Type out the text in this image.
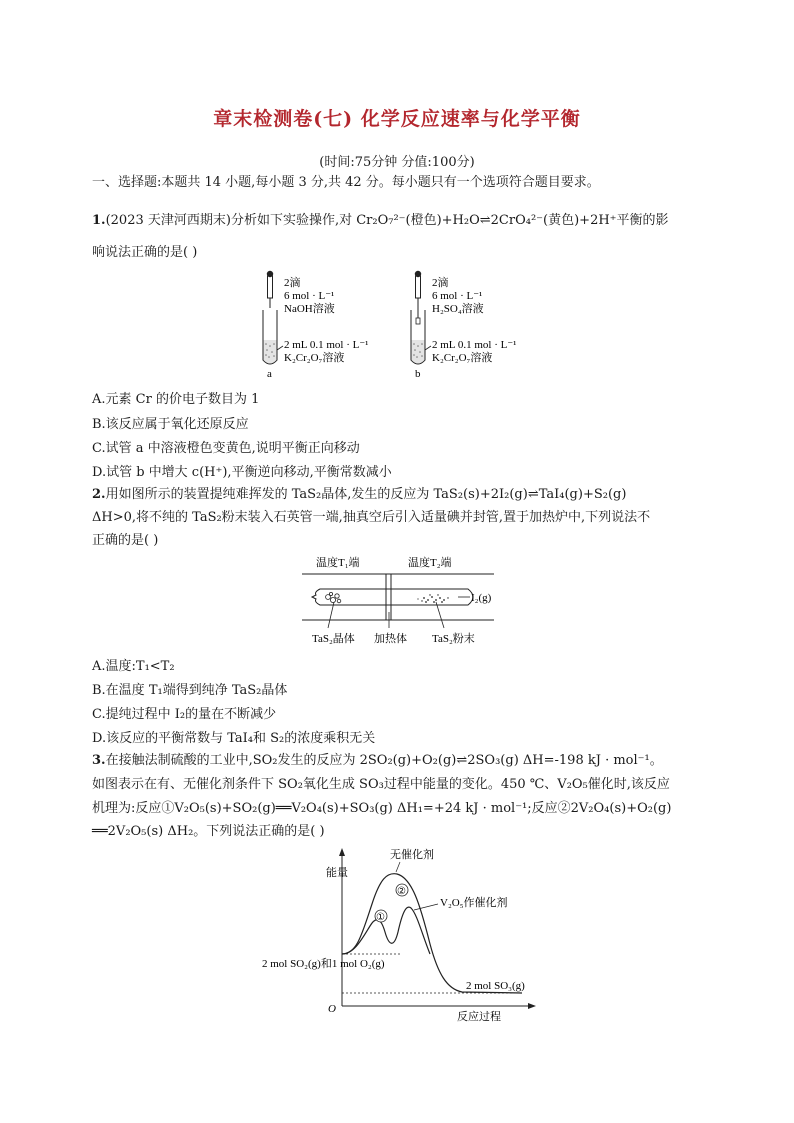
章末检测卷(七) 化学反应速率与化学平衡
(时间:75分钟 分值:100分)
一、选择题:本题共 14 小题,每小题 3 分,共 42 分。每小题只有一个选项符合题目要求。
1.(2023 天津河西期末)分析如下实验操作,对 Cr₂O₇²⁻(橙色)+H₂O⇌2CrO₄²⁻(黄色)+2H⁺平衡的影
响说法正确的是( )
2滴
6 mol · L⁻¹
NaOH溶液
2 mL 0.1 mol · L⁻¹
K₂Cr₂O₇溶液
2滴
6 mol · L⁻¹
H₂SO₄溶液
2 mL 0.1 mol · L⁻¹
K₂Cr₂O₇溶液
a	b
A.元素 Cr 的价电子数目为 1
B.该反应属于氧化还原反应
C.试管 a 中溶液橙色变黄色,说明平衡正向移动
D.试管 b 中增大 c(H⁺),平衡逆向移动,平衡常数减小
2.用如图所示的装置提纯难挥发的 TaS₂晶体,发生的反应为 TaS₂(s)+2I₂(g)⇌TaI₄(g)+S₂(g)
ΔH>0,将不纯的 TaS₂粉末装入石英管一端,抽真空后引入适量碘并封管,置于加热炉中,下列说法不
正确的是( )
温度T₁端	温度T₂端
I₂(g)
TaS₂晶体 加热体 TaS₂粉末
A.温度:T₁<T₂
B.在温度 T₁端得到纯净 TaS₂晶体
C.提纯过程中 I₂的量在不断减少
D.该反应的平衡常数与 TaI₄和 S₂的浓度乘积无关
3.在接触法制硫酸的工业中,SO₂发生的反应为 2SO₂(g)+O₂(g)⇌2SO₃(g) ΔH=-198 kJ · mol⁻¹。
如图表示在有、无催化剂条件下 SO₂氧化生成 SO₃过程中能量的变化。450 ℃、V₂O₅催化时,该反应
机理为:反应①V₂O₅(s)+SO₂(g)══V₂O₄(s)+SO₃(g) ΔH₁=+24 kJ · mol⁻¹;反应②2V₂O₄(s)+O₂(g)
══2V₂O₅(s) ΔH₂。下列说法正确的是( )
能量
O
反应过程
无催化剂
V₂O₅作催化剂
①
②
2 mol SO₂(g)和1 mol O₂(g)
2 mol SO₃(g)
